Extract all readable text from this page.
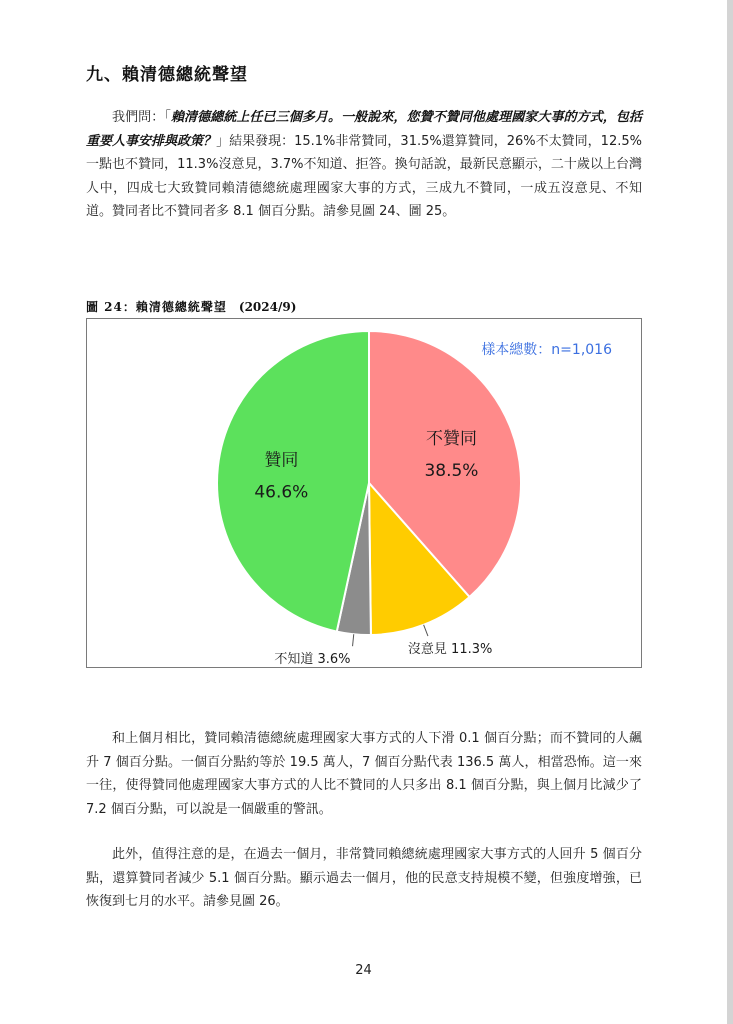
九、賴清德總統聲望
我們問：「賴清德總統上任已三個多月。一般說來，您贊不贊同他處理國家大事的方式，包括重要人事安排與政策？」結果發現：15.1%非常贊同，31.5%還算贊同，26%不太贊同，12.5%一點也不贊同，11.3%沒意見，3.7%不知道、拒答。換句話說，最新民意顯示，二十歲以上台灣人中，四成七大致贊同賴清德總統處理國家大事的方式，三成九不贊同，一成五沒意見、不知道。贊同者比不贊同者多 8.1 個百分點。請參見圖 24、圖 25。
圖 24：賴清德總統聲望 (2024/9)
不贊同
38.5%
沒意見 11.3%
不知道 3.6%
贊同
46.6%
樣本總數：n=1,016
和上個月相比，贊同賴清德總統處理國家大事方式的人下滑 0.1 個百分點；而不贊同的人飆升 7 個百分點。一個百分點約等於 19.5 萬人，7 個百分點代表 136.5 萬人，相當恐怖。這一來一往，使得贊同他處理國家大事方式的人比不贊同的人只多出 8.1 個百分點，與上個月比減少了 7.2 個百分點，可以說是一個嚴重的警訊。
此外，值得注意的是，在過去一個月，非常贊同賴總統處理國家大事方式的人回升 5 個百分點，還算贊同者減少 5.1 個百分點。顯示過去一個月，他的民意支持規模不變，但強度增強，已恢復到七月的水平。請參見圖 26。
24
